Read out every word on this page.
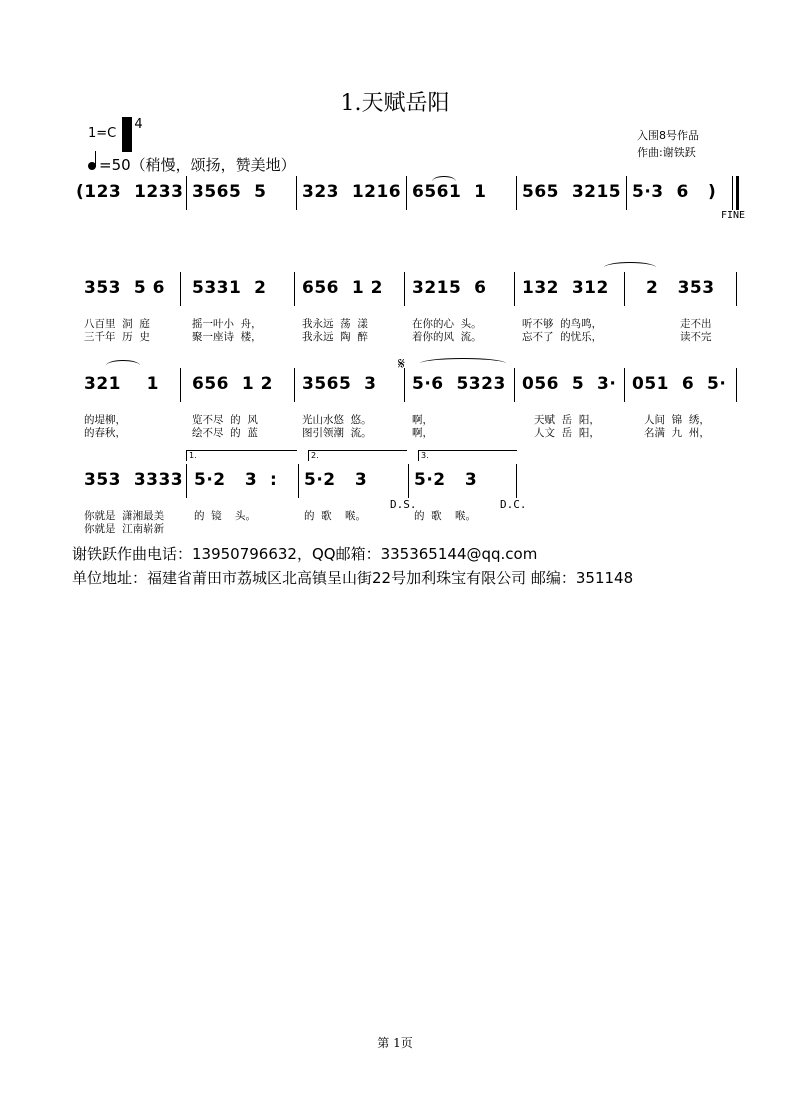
1.天赋岳阳
1=C
4
=50（稍慢，颂扬，赞美地）
入围8号作品
作曲:谢铁跃
(123  1233 3565  5 323  1216 6561  1 565  3215 5·3  6   )
FINE
353  5 6 5331  2 656  1 2 3215  6 132  312 2   353
八百里  洞  庭	摇一叶小  舟，	我永远  荡  漾	在你的心  头。	听不够  的鸟鸣，	走不出
三千年  历  史	聚一座诗  楼，	我永远  陶  醉	着你的风  流。	忘不了  的忧乐，	读不完
321    1 656  1 2 3565  3 5·6  5323 056  5  3· 051  6  5·
𝄋
的堤柳，	览不尽  的  风	光山水悠  悠。	啊，	天赋  岳  阳，	人间  锦  绣，
的春秋，	绘不尽  的  蓝	图引领潮  流。	啊，	人文  岳  阳，	名满  九  州，
353  3333 5·2   3  : 5·2   3	5·2   3
1.	2.	3.
D.S.	D.C.
你就是  潇湘最美	的  镜    头。	的  歌    喉。	的  歌    喉。
你就是  江南崭新
谢铁跃作曲电话：13950796632，QQ邮箱：335365144@qq.com
单位地址：福建省莆田市荔城区北高镇呈山街22号加利珠宝有限公司 邮编：351148
第 1页
